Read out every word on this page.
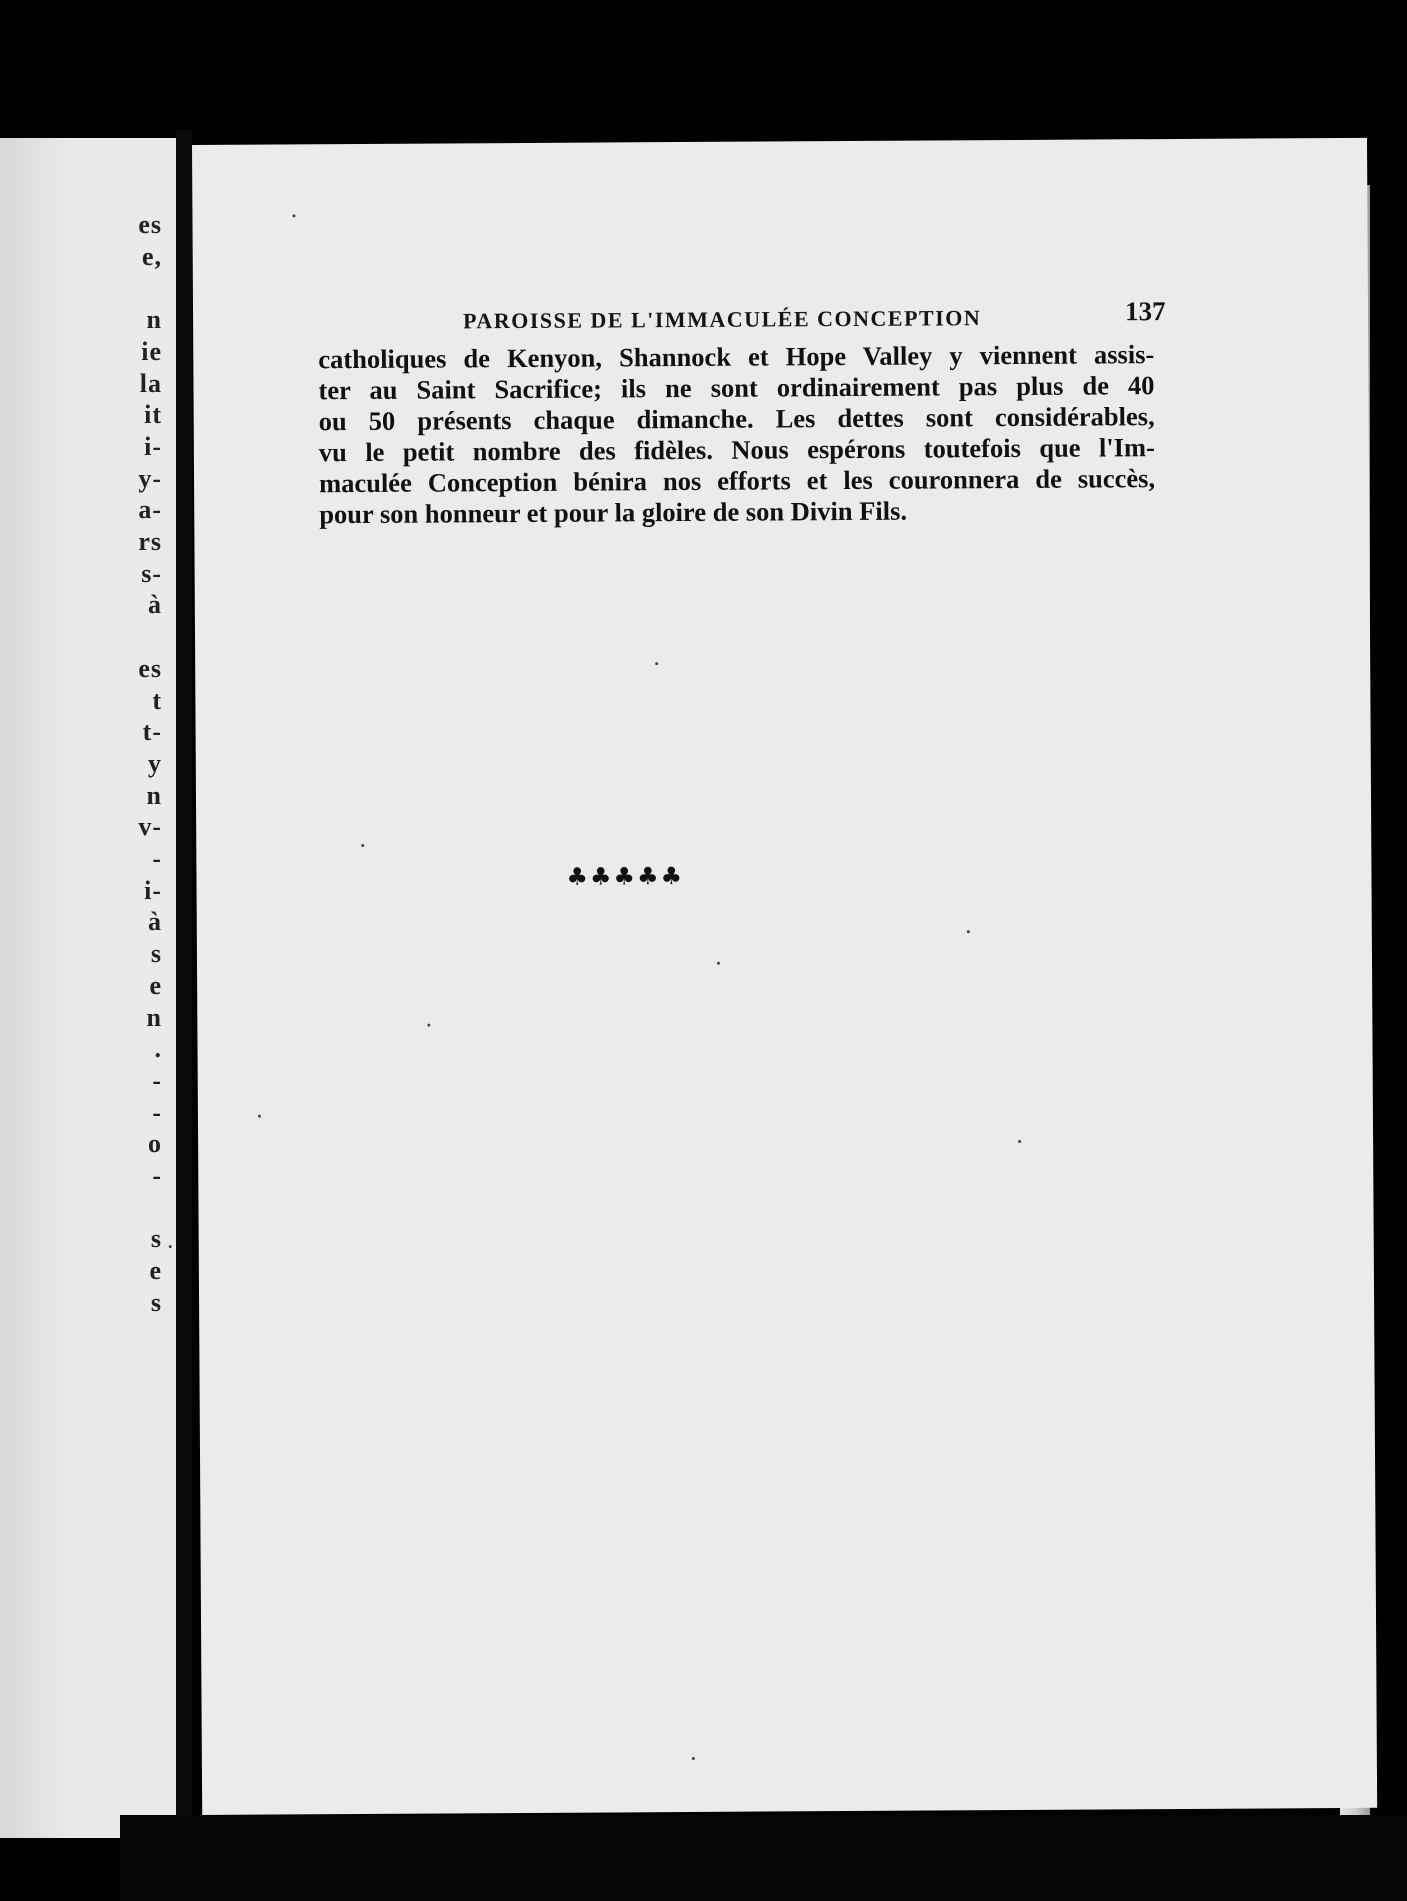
es
e,
n
ie
la
it
i-
y-
a-
rs
s-
à
es
t
t-
y
n
v-
-
i-
à
s
e
n
.
-
-
o
-
s
e
s
PAROISSE DE L'IMMACULÉE CONCEPTION	137
catholiques de Kenyon, Shannock et Hope Valley y viennent assis-
ter au Saint Sacrifice; ils ne sont ordinairement pas plus de 40
ou 50 présents chaque dimanche. Les dettes sont considérables,
vu le petit nombre des fidèles. Nous espérons toutefois que l'Im-
maculée Conception bénira nos efforts et les couronnera de succès,
pour son honneur et pour la gloire de son Divin Fils.
♣♣♣♣♣
